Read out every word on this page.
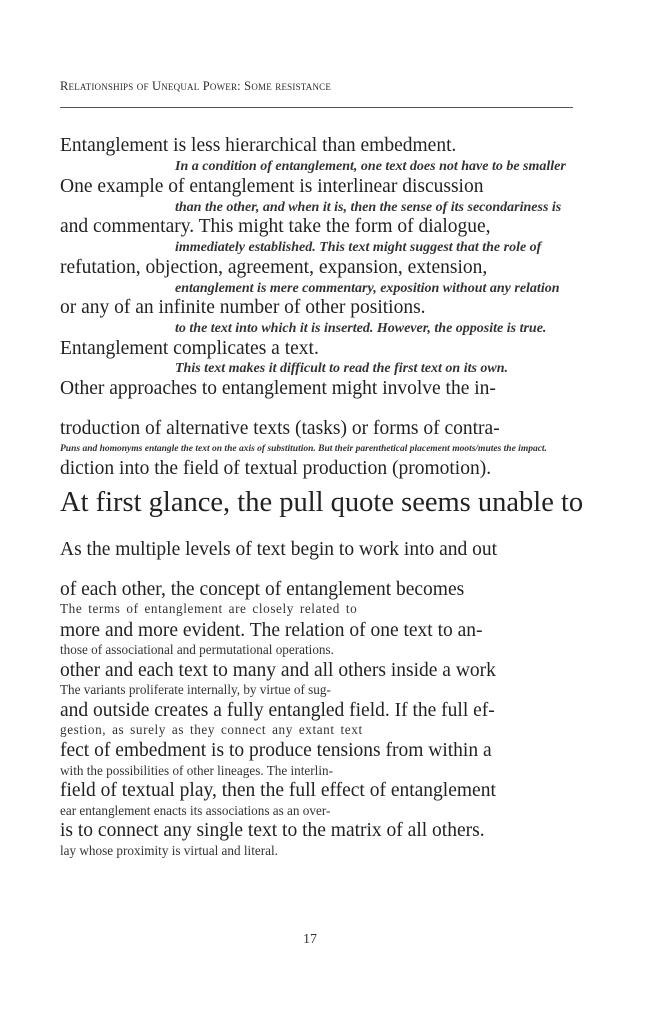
Relationships of Unequal Power: Some resistance
Entanglement is less hierarchical than embedment.
In a condition of entanglement, one text does not have to be smaller
One example of entanglement is interlinear discussion
than the other, and when it is, then the sense of its secondariness is
and commentary. This might take the form of dialogue,
immediately established. This text might suggest that the role of
refutation, objection, agreement, expansion, extension,
entanglement is mere commentary, exposition without any relation
or any of an infinite number of other positions.
to the text into which it is inserted. However, the opposite is true.
Entanglement complicates a text.
This text makes it difficult to read the first text on its own.
Other approaches to entanglement might involve the in-
troduction of alternative texts (tasks) or forms of contra-
Puns and homonyms entangle the text on the axis of substitution. But their parenthetical placement moots/mutes the impact.
diction into the field of textual production (promotion).
At first glance, the pull quote seems unable to
As the multiple levels of text begin to work into and out
of each other, the concept of entanglement becomes
The terms of entanglement are closely related to
more and more evident. The relation of one text to an-
those of associational and permutational operations.
other and each text to many and all others inside a work
The variants proliferate internally, by virtue of sug-
and outside creates a fully entangled field. If the full ef-
gestion, as surely as they connect any extant text
fect of embedment is to produce tensions from within a
with the possibilities of other lineages. The interlin-
field of textual play, then the full effect of entanglement
ear entanglement enacts its associations as an over-
is to connect any single text to the matrix of all others.
lay whose proximity is virtual and literal.
17
